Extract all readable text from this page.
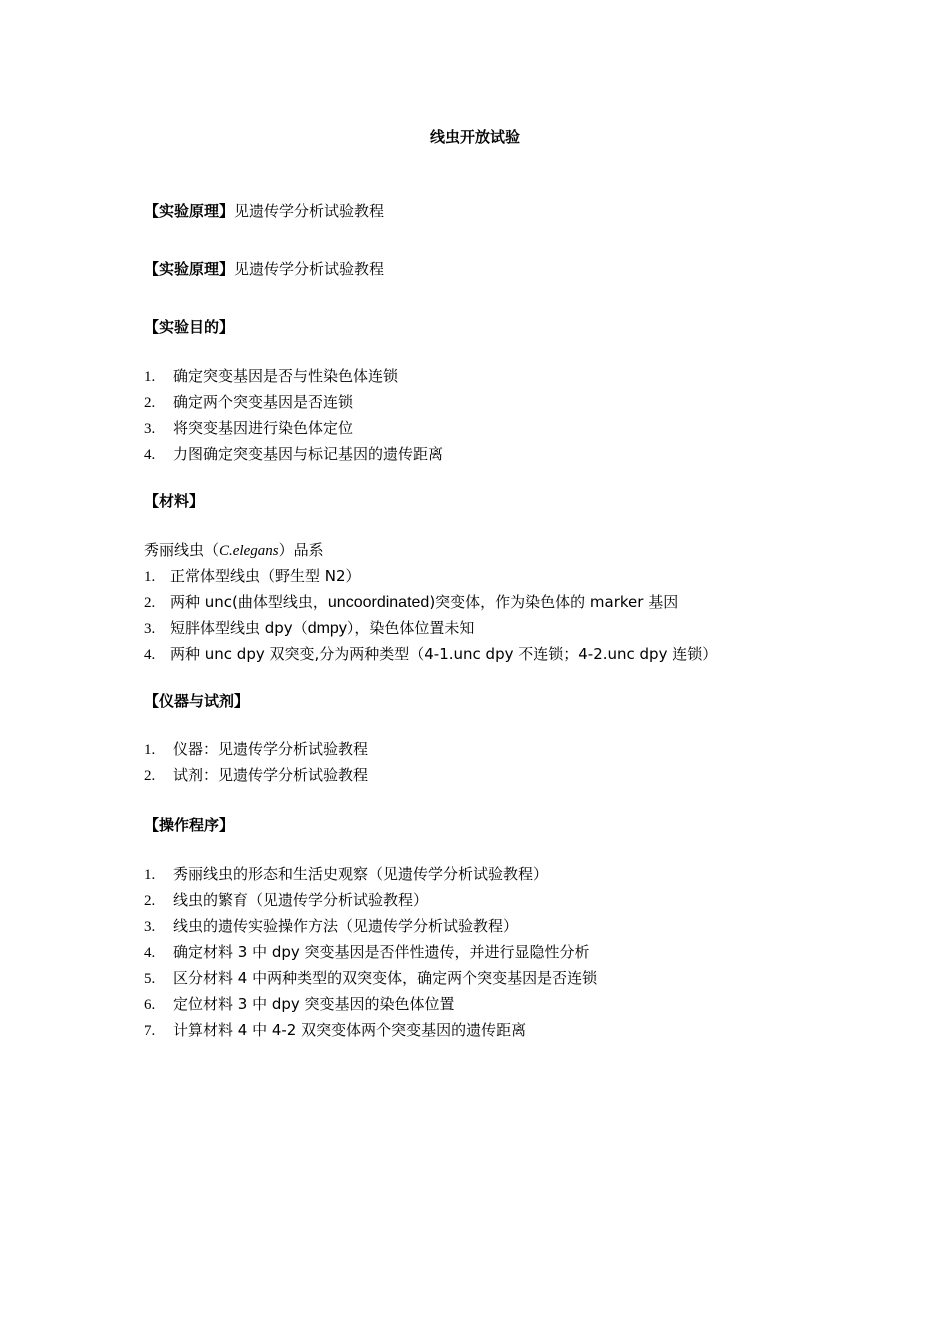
线虫开放试验
【实验原理】见遗传学分析试验教程
【实验原理】见遗传学分析试验教程
【实验目的】
1. 确定突变基因是否与性染色体连锁
2. 确定两个突变基因是否连锁
3. 将突变基因进行染色体定位
4. 力图确定突变基因与标记基因的遗传距离
【材料】
秀丽线虫（C.elegans）品系
1. 正常体型线虫（野生型 N2）
2. 两种 unc(曲体型线虫，uncoordinated)突变体，作为染色体的 marker 基因
3. 短胖体型线虫 dpy（dmpy），染色体位置未知
4. 两种 unc dpy 双突变,分为两种类型（4-1.unc dpy 不连锁；4-2.unc dpy 连锁）
【仪器与试剂】
1. 仪器：见遗传学分析试验教程
2. 试剂：见遗传学分析试验教程
【操作程序】
1. 秀丽线虫的形态和生活史观察（见遗传学分析试验教程）
2. 线虫的繁育（见遗传学分析试验教程）
3. 线虫的遗传实验操作方法（见遗传学分析试验教程）
4. 确定材料 3 中 dpy 突变基因是否伴性遗传，并进行显隐性分析
5. 区分材料 4 中两种类型的双突变体，确定两个突变基因是否连锁
6. 定位材料 3 中 dpy 突变基因的染色体位置
7. 计算材料 4 中 4-2 双突变体两个突变基因的遗传距离
